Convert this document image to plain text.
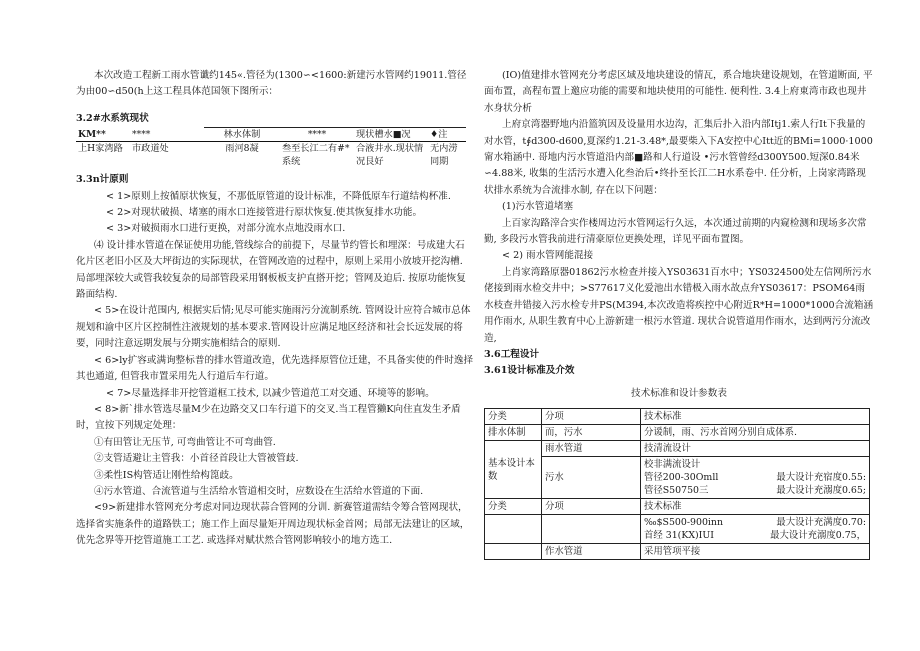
本次改造工程新工雨水管谶约145«.管径为(1300∽<1600:新建污水管网约19011.管径为由00∽d50(h上这工程具体范国领下图所示：

3.2#水系筑现状

KM**	****	林水体制	****	现状槽水■况	♦注
上H家湾路	市政道处	雨河8凝	叁至长江二有#*系统	合液井水.现状情况艮好	无内涝同期

3.3n计原则

< 1>原则上按循原状恢复，不那低原管道的设计标准，不降低原车行道结构杯准.

< 2>对现状破损、堵塞的雨水口连接管进行原状恢复.使其恢复排水功能。

< 3>对破损雨水口进行更换，对部分流水点地没雨水口.

⑷ 设计排水管道在保证使用功能,管线综合的前提下，尽量节约管长和埋深：号成建大石化片区老旧小区及大坪街边的实际现状，在管网改造的过程中，原则上采用小放坡开挖沟槽. 局部埋深较大或管我较复杂的局部管段采用钢板板支护直搭开挖；管网及迫后. 按原功能恢复路面结构.

< 5>在设计范围内, 根据实后情;见尽可能实施雨污分流制系统. 管网设计应符合城市总体规划和渝中区片区控制性注液规划的基本要求.管网设计应满足地区经济和社会长远发展的将要，同时注意远期发展与分期实施相结合的原则.

< 6>ly扩容或满询整标普的排水管道改造，优先选择原管位迁建，不具备实使的件时逸择其也通道, 但管我市置采用先人行道后车行道。

< 7>尽量选择非开挖管道框工技术, 以减少管道范工对交通、环境等的影响。

< 8>新`排水管选尽量M少在边路交又口车行道下的交叉.当工程管獭K向住直发生矛盾时，宜按下列规定处理：

①有田管让无压节, 可弯曲管让不可弯曲管.

②支管适避让主管我：小首径首段让大管被管歧.

③柔性IS构管适让刚性给构箆歧。

④污水管道、合流管道与生活给水管道相交时，应数设在生活给水管道的下面.

<9>新建排水管网充分考虑对同边现状蒜合管网的分训. 新赛管道需结令筹合管网现状，选择省实施条件的道路铁工；施工作上面尽量矩开周边现状标金首网；局部无法建让的区域，优先念界等开挖管道施工工艺. 或选择对赋状然合管网影响较小的地方选工.

(IO)值建排水管网充分考虑区域及地块建设的情瓦，系合地块建设规划，在管道断面, 平面布置，高程布置上邀应功能的需要和地块使用的可能性. 便利性. 3.4上府東湾市政也现井水身状分析

上府京湾器野地内沿篮筑因及设量用水边沟，汇集后扑入沿内部Itj1.索人行It下我量的对水管，t∮d300-d600,夏深约1.21-3.48*,最要柴入下A安控中心Itt近的BMi=1000·1000甯水箱涵中. 哥地内污水管道沿内部■路和人行道设 •污水管曾经d300Y500.短深0.84米∽4.88米, 收集的生活污水遭入化叁治后•终扑至长江二H水系卷中. 任分析，上岗家湾路现状排水系统为合流排水制, 存在以下问题：

(1)污水管道堵塞

上百家沟路滓合实作楼周边污水管网运行久远，本次通过前期的内窥检测和现场多次常勤, 多段污水管我前进行清豪原位更换处理，详见平面布置图。

< 2) 雨水管网能混接

上肖家湾路原器01862污水检查并接入YS03631百水中；YS0324500处左信网所污水佬接到雨水检交井中；>S77617义化爱池出水错极入雨水故点弁YS03617：PSOM64雨水枝查井错接入污水检专井PS(M394,本次改造将疾控中心附近R*H=1000*1000合流箱涵用作雨水, 从职生教育中心上游新建一根污水管道. 现状合说管道用作雨水，达到两污分流改造,

3.6工程设计

3.61设计标准及介效

技术标准和设计参数表

分类	分项	技术标准
排水体制	而，污水	分谖制，雨、污水首网分别自成体系.
基本设计本数	雨水管道	技清流设计
	污水	校非满流设计
管径200-30Omll 最大设计充宿度0.55:
管径S50750三 最大设计充溺度0.65;

分类	分项	技术标准

		‰$S500-900inn 最大设计充满度0.70:
首经 31(KX)IUI 最大设计充溺度0.75，

	作水管道	采用管项平接
